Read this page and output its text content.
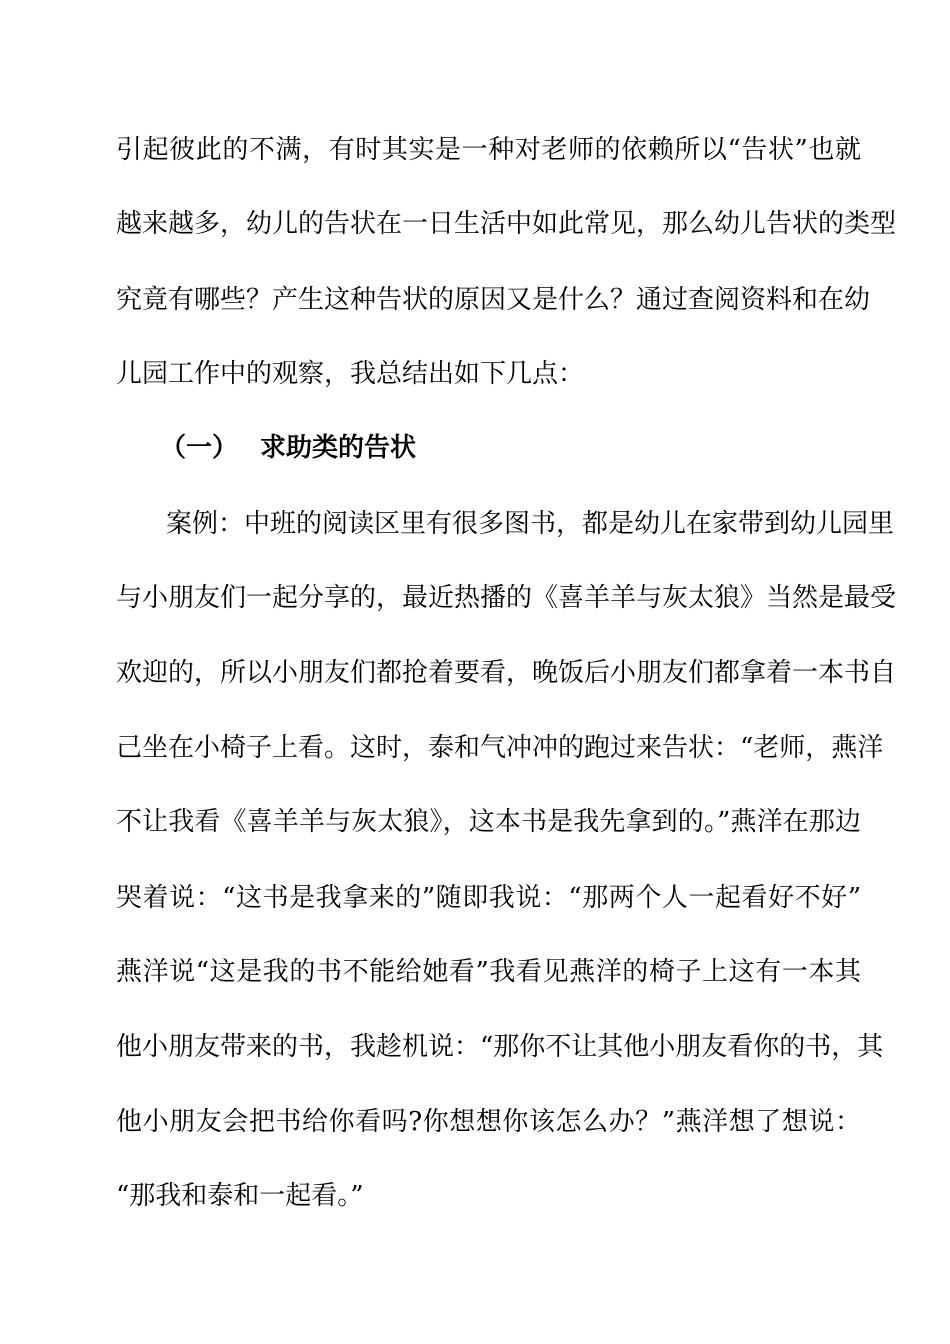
引起彼此的不满，有时其实是一种对老师的依赖所以“告状”也就
越来越多，幼儿的告状在一日生活中如此常见，那么幼儿告状的类型
究竟有哪些？产生这种告状的原因又是什么？通过查阅资料和在幼
儿园工作中的观察，我总结出如下几点：
（一） 求助类的告状
案例：中班的阅读区里有很多图书，都是幼儿在家带到幼儿园里
与小朋友们一起分享的，最近热播的《喜羊羊与灰太狼》当然是最受
欢迎的，所以小朋友们都抢着要看，晚饭后小朋友们都拿着一本书自
己坐在小椅子上看。这时，泰和气冲冲的跑过来告状：“老师，燕洋
不让我看《喜羊羊与灰太狼》，这本书是我先拿到的。”燕洋在那边
哭着说：“这书是我拿来的”随即我说：“那两个人一起看好不好”
燕洋说“这是我的书不能给她看”我看见燕洋的椅子上这有一本其
他小朋友带来的书，我趁机说：“那你不让其他小朋友看你的书，其
他小朋友会把书给你看吗?你想想你该怎么办？”燕洋想了想说：
“那我和泰和一起看。”
